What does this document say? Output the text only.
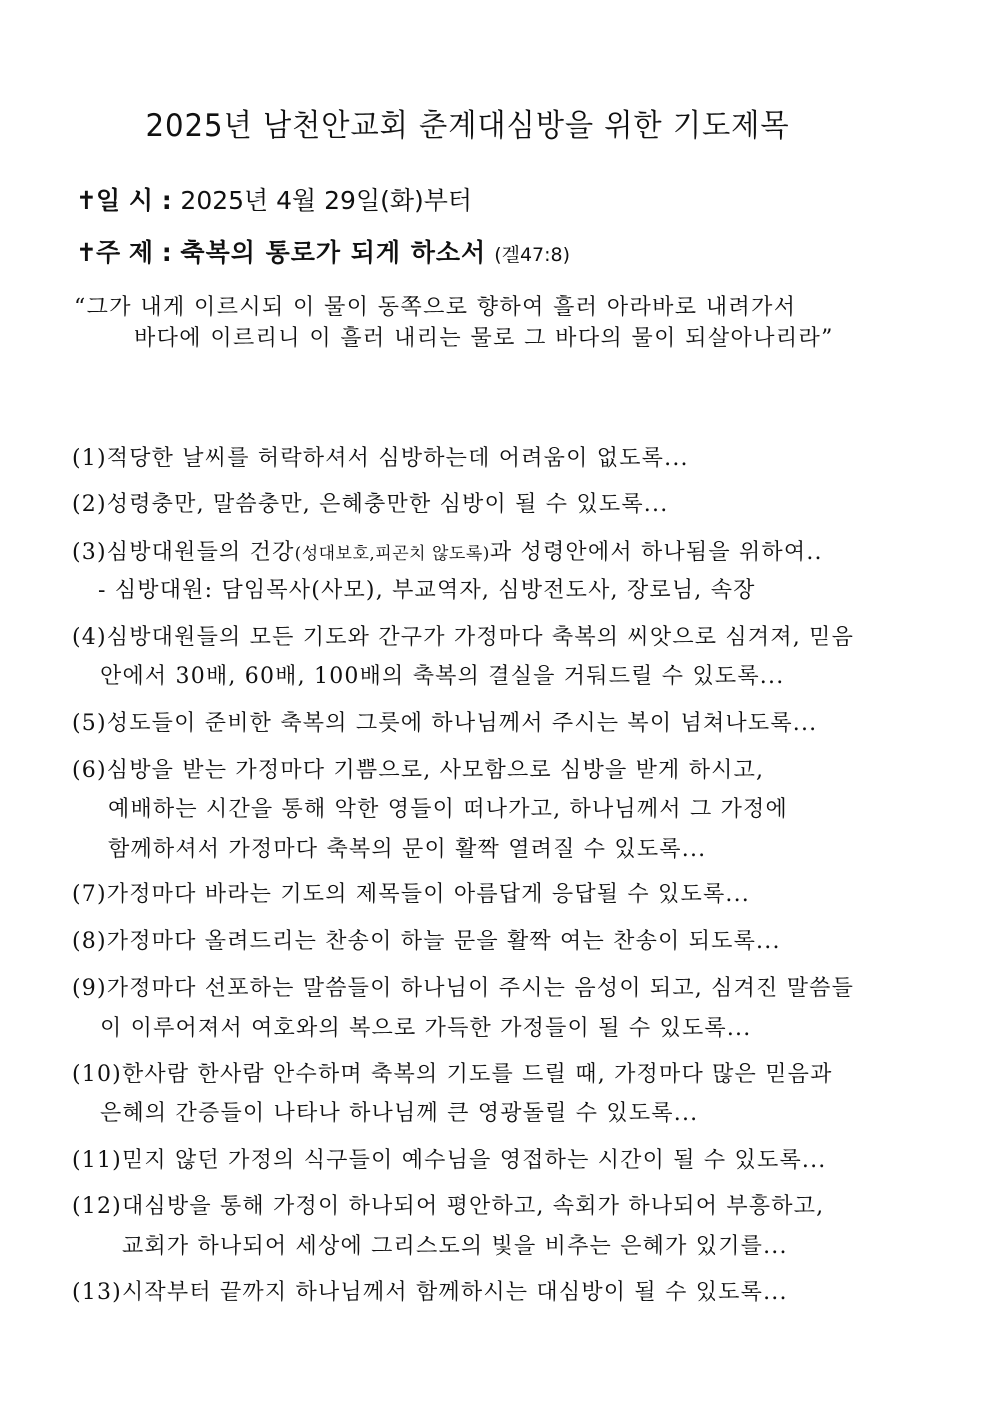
2025년 남천안교회 춘계대심방을 위한 기도제목
✝일 시 : 2025년 4월 29일(화)부터
✝주 제 : 축복의 통로가 되게 하소서 (겔47:8)
“그가 내게 이르시되 이 물이 동쪽으로 향하여 흘러 아라바로 내려가서
바다에 이르리니 이 흘러 내리는 물로 그 바다의 물이 되살아나리라”
(1)적당한 날씨를 허락하셔서 심방하는데 어려움이 없도록...
(2)성령충만, 말씀충만, 은혜충만한 심방이 될 수 있도록...
(3)심방대원들의 건강(성대보호,피곤치 않도록)과 성령안에서 하나됨을 위하여..
- 심방대원: 담임목사(사모), 부교역자, 심방전도사, 장로님, 속장
(4)심방대원들의 모든 기도와 간구가 가정마다 축복의 씨앗으로 심겨져, 믿음
안에서 30배, 60배, 100배의 축복의 결실을 거둬드릴 수 있도록...
(5)성도들이 준비한 축복의 그릇에 하나님께서 주시는 복이 넘쳐나도록...
(6)심방을 받는 가정마다 기쁨으로, 사모함으로 심방을 받게 하시고,
예배하는 시간을 통해 악한 영들이 떠나가고, 하나님께서 그 가정에
함께하셔서 가정마다 축복의 문이 활짝 열려질 수 있도록...
(7)가정마다 바라는 기도의 제목들이 아름답게 응답될 수 있도록...
(8)가정마다 올려드리는 찬송이 하늘 문을 활짝 여는 찬송이 되도록...
(9)가정마다 선포하는 말씀들이 하나님이 주시는 음성이 되고, 심겨진 말씀들
이 이루어져서 여호와의 복으로 가득한 가정들이 될 수 있도록...
(10)한사람 한사람 안수하며 축복의 기도를 드릴 때, 가정마다 많은 믿음과
은혜의 간증들이 나타나 하나님께 큰 영광돌릴 수 있도록...
(11)믿지 않던 가정의 식구들이 예수님을 영접하는 시간이 될 수 있도록...
(12)대심방을 통해 가정이 하나되어 평안하고, 속회가 하나되어 부흥하고,
교회가 하나되어 세상에 그리스도의 빛을 비추는 은혜가 있기를...
(13)시작부터 끝까지 하나님께서 함께하시는 대심방이 될 수 있도록...
